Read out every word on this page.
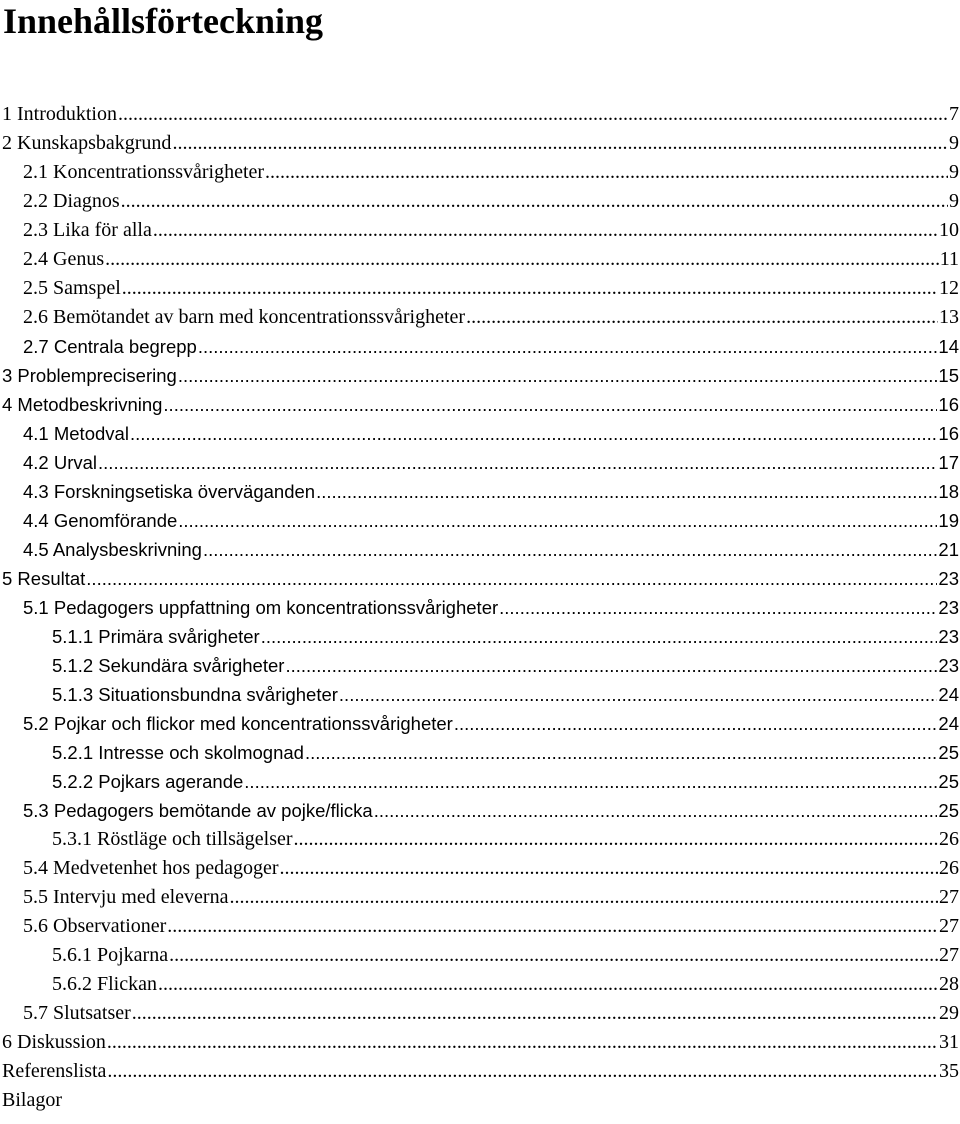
Innehållsförteckning
1 Introduktion .....	7
2 Kunskapsbakgrund .....	9
2.1 Koncentrationssvårigheter .....	9
2.2 Diagnos .....	9
2.3 Lika för alla .....	10
2.4 Genus .....	11
2.5 Samspel .....	12
2.6 Bemötandet av barn med koncentrationssvårigheter .....	13
2.7 Centrala begrepp .....	14
3 Problemprecisering .....	15
4 Metodbeskrivning .....	16
4.1 Metodval .....	16
4.2 Urval .....	17
4.3 Forskningsetiska överväganden .....	18
4.4 Genomförande .....	19
4.5 Analysbeskrivning .....	21
5 Resultat .....	23
5.1 Pedagogers uppfattning om koncentrationssvårigheter .....	23
5.1.1 Primära svårigheter .....	23
5.1.2 Sekundära svårigheter .....	23
5.1.3 Situationsbundna svårigheter .....	24
5.2 Pojkar och flickor med koncentrationssvårigheter .....	24
5.2.1 Intresse och skolmognad .....	25
5.2.2 Pojkars agerande .....	25
5.3 Pedagogers bemötande av pojke/flicka .....	25
5.3.1 Röstläge och tillsägelser .....	26
5.4 Medvetenhet hos pedagoger .....	26
5.5 Intervju med eleverna .....	27
5.6 Observationer .....	27
5.6.1 Pojkarna .....	27
5.6.2 Flickan .....	28
5.7 Slutsatser .....	29
6 Diskussion .....	31
Referenslista .....	35
Bilagor
